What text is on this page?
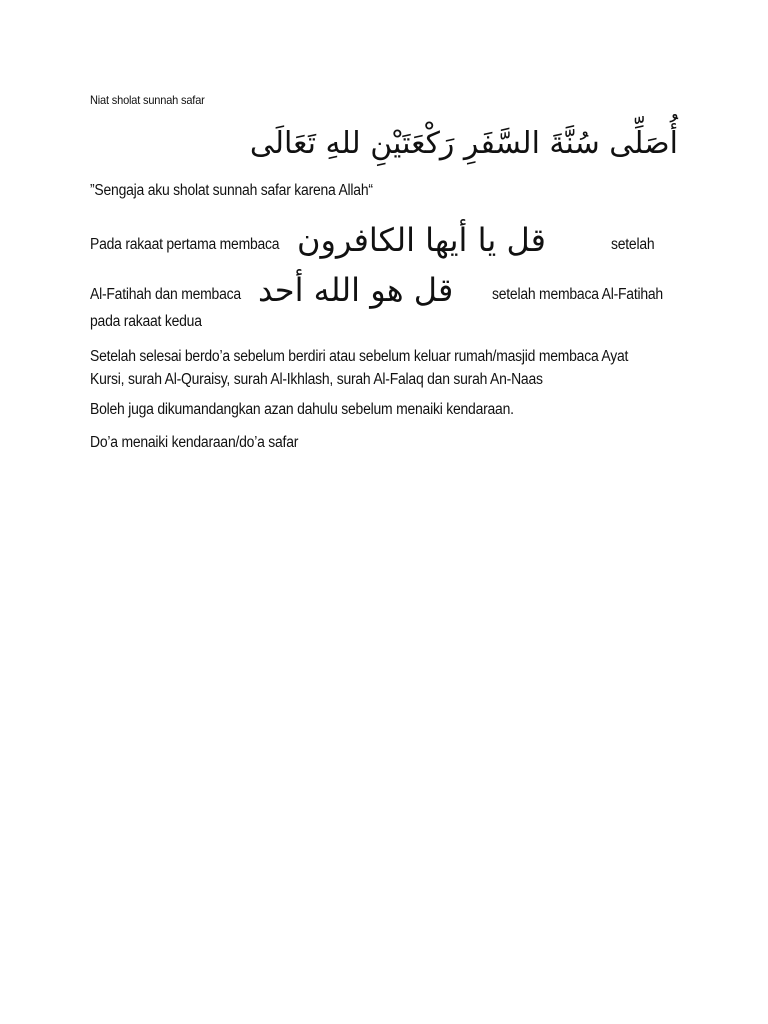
Niat sholat sunnah safar
أُصَلِّى سُنَّةَ السَّفَرِ رَكْعَتَيْنِ للهِ تَعَالَى
”Sengaja aku sholat sunnah safar karena Allah“
Pada rakaat pertama membaca قل يا أيها الكافرون	setelah
Al-Fatihah dan membaca قل هو الله أحد setelah membaca Al-Fatihah
pada rakaat kedua
Setelah selesai berdo’a sebelum berdiri atau sebelum keluar rumah/masjid membaca Ayat
Kursi, surah Al-Quraisy, surah Al-Ikhlash, surah Al-Falaq dan surah An-Naas
Boleh juga dikumandangkan azan dahulu sebelum menaiki kendaraan.
Do’a menaiki kendaraan/do’a safar
